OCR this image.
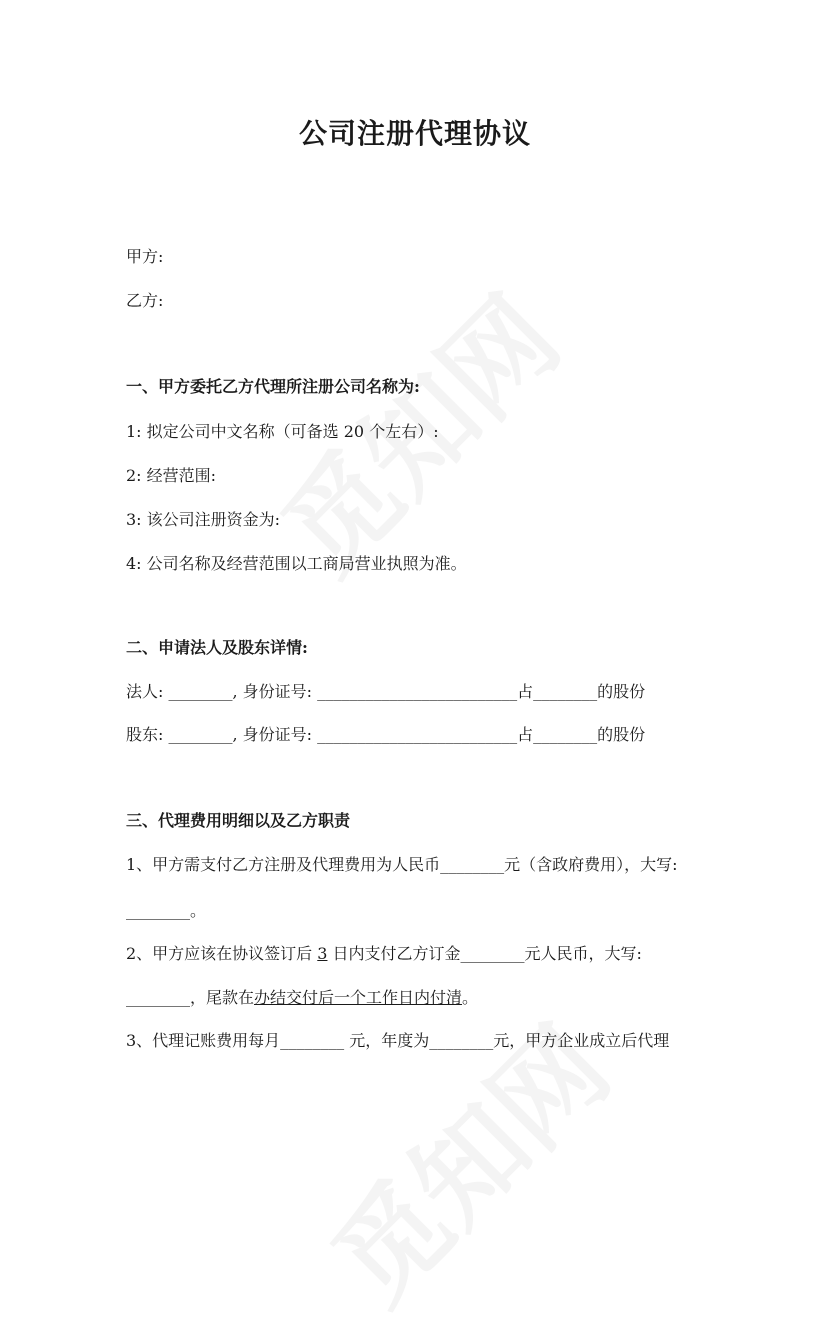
公司注册代理协议
甲方:
乙方:
一、甲方委托乙方代理所注册公司名称为:
1: 拟定公司中文名称（可备选 20 个左右）:
2: 经营范围:
3: 该公司注册资金为:
4: 公司名称及经营范围以工商局营业执照为准。
二、申请法人及股东详情:
法人: ________, 身份证号: _________________________占________的股份
股东: ________, 身份证号: _________________________占________的股份
三、代理费用明细以及乙方职责
1、甲方需支付乙方注册及代理费用为人民币________元（含政府费用），大写:
________。
2、甲方应该在协议签订后 3 日内支付乙方订金________元人民币，大写:
________，尾款在办结交付后一个工作日内付清。
3、代理记账费用每月________ 元，年度为________元，甲方企业成立后代理
